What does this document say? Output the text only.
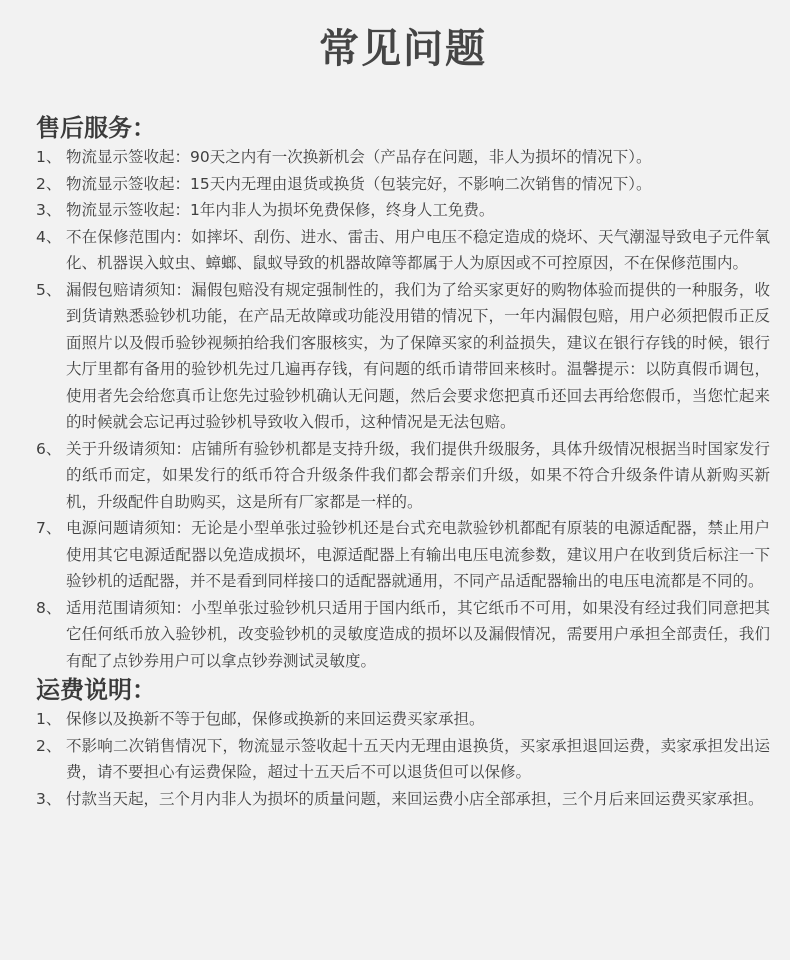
常见问题
售后服务：
1、 物流显示签收起：90天之内有一次换新机会（产品存在问题，非人为损坏的情况下）。
2、 物流显示签收起：15天内无理由退货或换货（包装完好，不影响二次销售的情况下）。
3、 物流显示签收起：1年内非人为损坏免费保修，终身人工免费。
4、 不在保修范围内：如摔坏、刮伤、进水、雷击、用户电压不稳定造成的烧坏、天气潮湿导致电子元件氧化、机器误入蚊虫、蟑螂、鼠蚁导致的机器故障等都属于人为原因或不可控原因，不在保修范围内。
5、 漏假包赔请须知：漏假包赔没有规定强制性的，我们为了给买家更好的购物体验而提供的一种服务，收到货请熟悉验钞机功能，在产品无故障或功能没用错的情况下，一年内漏假包赔，用户必须把假币正反面照片以及假币验钞视频拍给我们客服核实，为了保障买家的利益损失，建议在银行存钱的时候，银行大厅里都有备用的验钞机先过几遍再存钱，有问题的纸币请带回来核时。温馨提示：以防真假币调包，使用者先会给您真币让您先过验钞机确认无问题，然后会要求您把真币还回去再给您假币，当您忙起来的时候就会忘记再过验钞机导致收入假币，这种情况是无法包赔。
6、 关于升级请须知：店铺所有验钞机都是支持升级，我们提供升级服务，具体升级情况根据当时国家发行的纸币而定，如果发行的纸币符合升级条件我们都会帮亲们升级，如果不符合升级条件请从新购买新机，升级配件自助购买，这是所有厂家都是一样的。
7、 电源问题请须知：无论是小型单张过验钞机还是台式充电款验钞机都配有原装的电源适配器，禁止用户使用其它电源适配器以免造成损坏，电源适配器上有输出电压电流参数，建议用户在收到货后标注一下验钞机的适配器，并不是看到同样接口的适配器就通用，不同产品适配器输出的电压电流都是不同的。
8、 适用范围请须知：小型单张过验钞机只适用于国内纸币，其它纸币不可用，如果没有经过我们同意把其它任何纸币放入验钞机，改变验钞机的灵敏度造成的损坏以及漏假情况，需要用户承担全部责任，我们有配了点钞券用户可以拿点钞券测试灵敏度。
运费说明：
1、 保修以及换新不等于包邮，保修或换新的来回运费买家承担。
2、 不影响二次销售情况下，物流显示签收起十五天内无理由退换货，买家承担退回运费，卖家承担发出运费，请不要担心有运费保险，超过十五天后不可以退货但可以保修。
3、 付款当天起，三个月内非人为损坏的质量问题，来回运费小店全部承担，三个月后来回运费买家承担。
